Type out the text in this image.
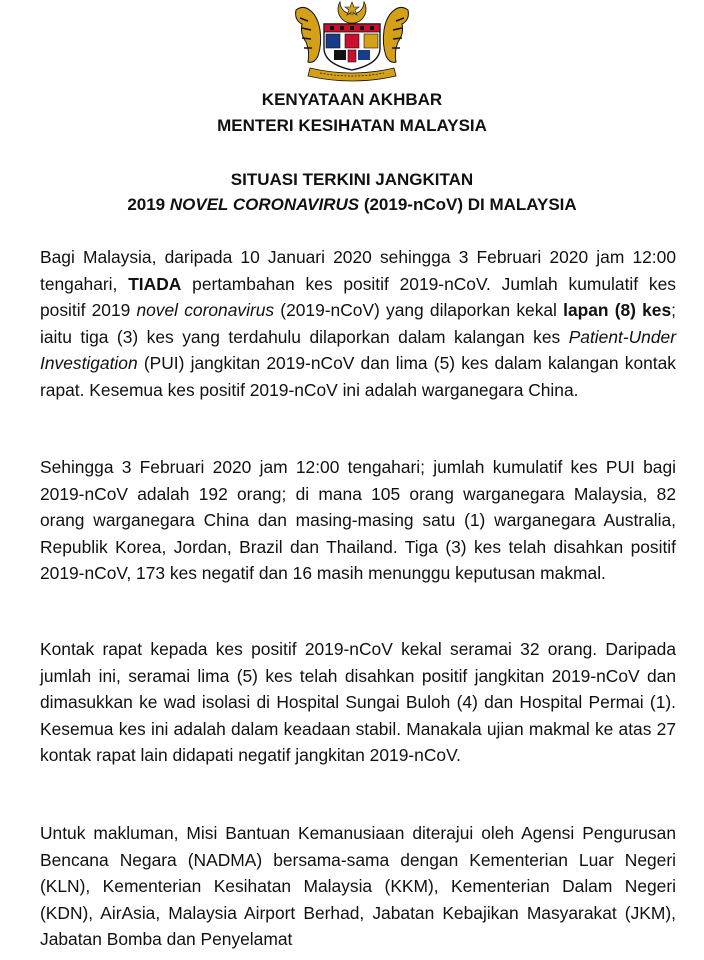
KENYATAAN AKHBAR

MENTERI KESIHATAN MALAYSIA

SITUASI TERKINI JANGKITAN

2019 NOVEL CORONAVIRUS (2019-nCoV) DI MALAYSIA

Bagi Malaysia, daripada 10 Januari 2020 sehingga 3 Februari 2020 jam 12:00 tengahari, TIADA pertambahan kes positif 2019-nCoV. Jumlah kumulatif kes positif 2019 novel coronavirus (2019-nCoV) yang dilaporkan kekal lapan (8) kes; iaitu tiga (3) kes yang terdahulu dilaporkan dalam kalangan kes Patient-Under Investigation (PUI) jangkitan 2019-nCoV dan lima (5) kes dalam kalangan kontak rapat. Kesemua kes positif 2019-nCoV ini adalah warganegara China.

Sehingga 3 Februari 2020 jam 12:00 tengahari; jumlah kumulatif kes PUI bagi 2019-nCoV adalah 192 orang; di mana 105 orang warganegara Malaysia, 82 orang warganegara China dan masing-masing satu (1) warganegara Australia, Republik Korea, Jordan, Brazil dan Thailand. Tiga (3) kes telah disahkan positif 2019-nCoV, 173 kes negatif dan 16 masih menunggu keputusan makmal.

Kontak rapat kepada kes positif 2019-nCoV kekal seramai 32 orang. Daripada jumlah ini, seramai lima (5) kes telah disahkan positif jangkitan 2019-nCoV dan dimasukkan ke wad isolasi di Hospital Sungai Buloh (4) dan Hospital Permai (1). Kesemua kes ini adalah dalam keadaan stabil. Manakala ujian makmal ke atas 27 kontak rapat lain didapati negatif jangkitan 2019-nCoV.

Untuk makluman, Misi Bantuan Kemanusiaan diterajui oleh Agensi Pengurusan Bencana Negara (NADMA) bersama-sama dengan Kementerian Luar Negeri (KLN), Kementerian Kesihatan Malaysia (KKM), Kementerian Dalam Negeri (KDN), AirAsia, Malaysia Airport Berhad, Jabatan Kebajikan Masyarakat (JKM), Jabatan Bomba dan Penyelamat
